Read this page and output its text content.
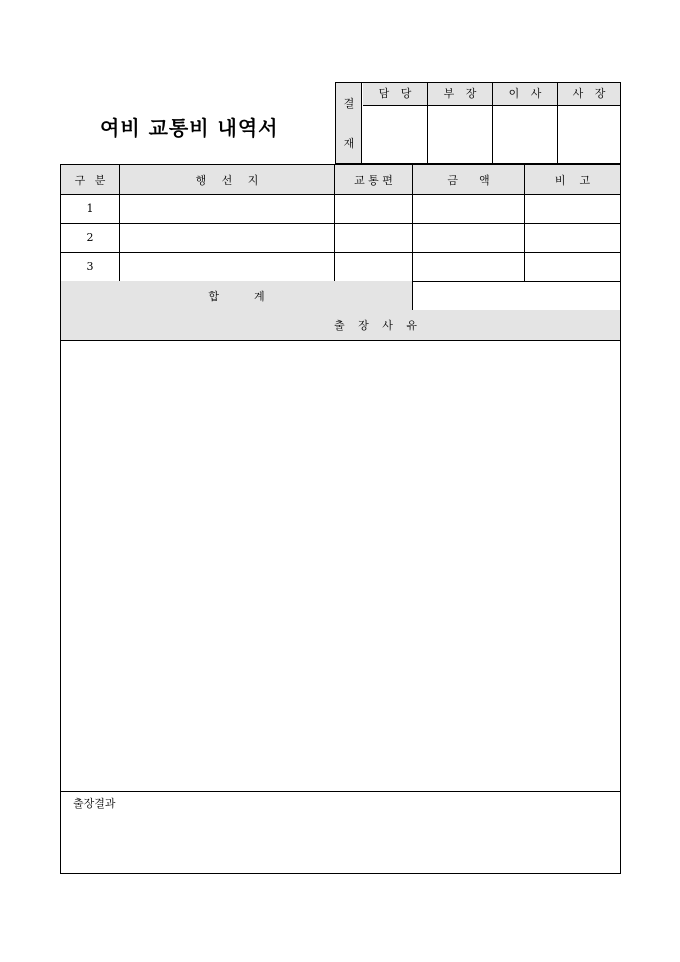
여비 교통비 내역서
결
재
담 당	부 장	이 사	사 장
구 분	행 선 지	교 통 편	금      액	비    고
1
2
3
합          계
출 장 사 유
출장결과
